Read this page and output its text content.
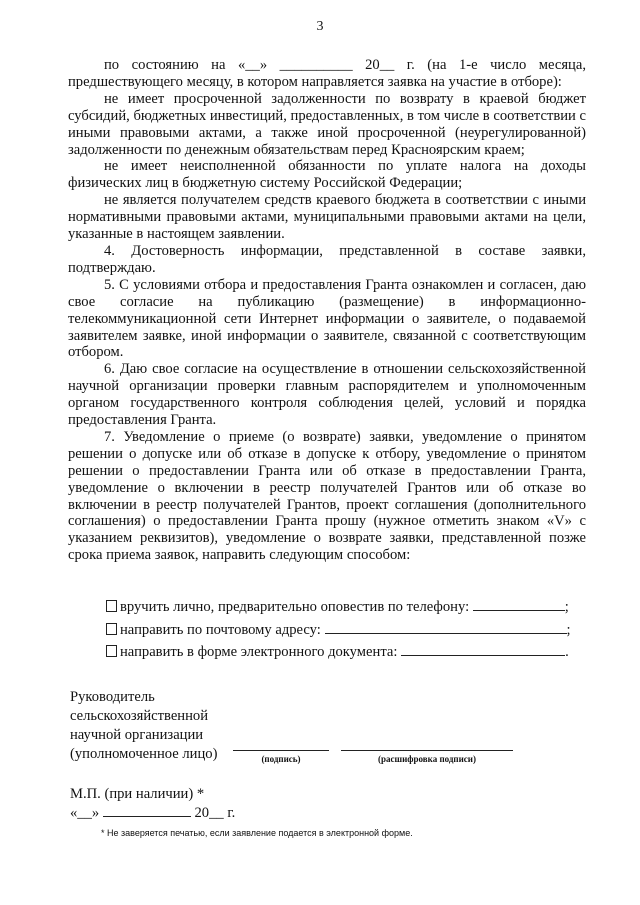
3

по состоянию на «__» __________ 20__ г. (на 1-е число месяца, предшествующего месяцу, в котором направляется заявка на участие в отборе):

не имеет просроченной задолженности по возврату в краевой бюджет субсидий, бюджетных инвестиций, предоставленных, в том числе в соответствии с иными правовыми актами, а также иной просроченной (неурегулированной) задолженности по денежным обязательствам перед Красноярским краем;

не имеет неисполненной обязанности по уплате налога на доходы физических лиц в бюджетную систему Российской Федерации;

не является получателем средств краевого бюджета в соответствии с иными нормативными правовыми актами, муниципальными правовыми актами на цели, указанные в настоящем заявлении.

4. Достоверность информации, представленной в составе заявки, подтверждаю.

5. С условиями отбора и предоставления Гранта ознакомлен и согласен, даю свое согласие на публикацию (размещение) в информационно-телекоммуникационной сети Интернет информации о заявителе, о подаваемой заявителем заявке, иной информации о заявителе, связанной с соответствующим отбором.

6. Даю свое согласие на осуществление в отношении сельскохозяйственной научной организации проверки главным распорядителем и уполномоченным органом государственного контроля соблюдения целей, условий и порядка предоставления Гранта.

7. Уведомление о приеме (о возврате) заявки, уведомление о принятом решении о допуске или об отказе в допуске к отбору, уведомление о принятом решении о предоставлении Гранта или об отказе в предоставлении Гранта, уведомление о включении в реестр получателей Грантов или об отказе во включении в реестр получателей Грантов, проект соглашения (дополнительного соглашения) о предоставлении Гранта прошу (нужное отметить знаком «V» с указанием реквизитов), уведомление о возврате заявки, представленной позже срока приема заявок, направить следующим способом:

вручить лично, предварительно оповестив по телефону:	;
направить по почтовому адресу:	;
направить в форме электронного документа:	.
Руководитель
сельскохозяйственной
научной организации
(уполномоченное лицо)	(подпись)	(расшифровка подписи)
М.П. (при наличии) *
«__»	20__ г.
* Не заверяется печатью, если заявление подается в электронной форме.
